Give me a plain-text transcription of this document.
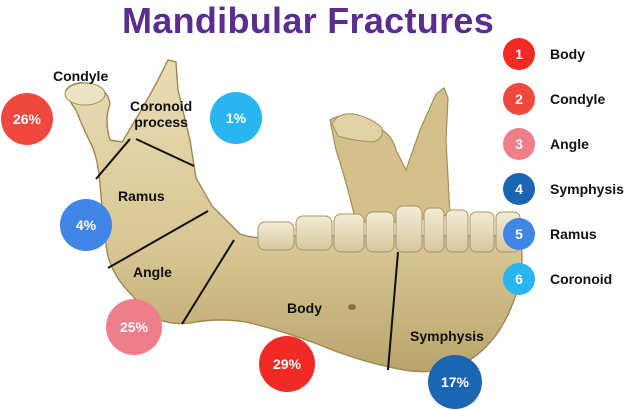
Mandibular Fractures
Condyle
Coronoid
process
Ramus
Angle
Body
Symphysis
26%	1%
4%
25%
29%
17%
1	Body
2	Condyle
3	Angle
4	Symphysis
5	Ramus
6	Coronoid
